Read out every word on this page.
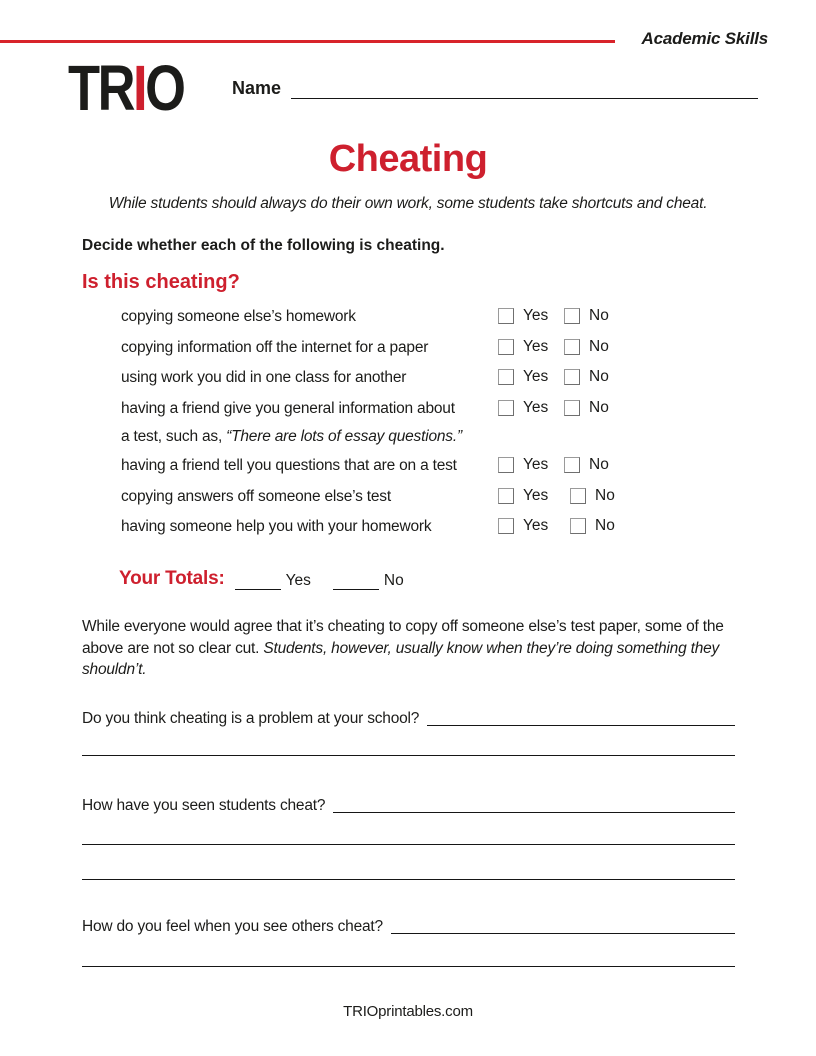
Academic Skills
TRIO	Name
Cheating
While students should always do their own work, some students take shortcuts and cheat.
Decide whether each of the following is cheating.
Is this cheating?
copying someone else’s homework	Yes	No
copying information off the internet for a paper	Yes	No
using work you did in one class for another	Yes	No
having a friend give you general information about	Yes	No
a test, such as, “There are lots of essay questions.”
having a friend tell you questions that are on a test	Yes	No
copying answers off someone else’s test	Yes	No
having someone help you with your homework	Yes	No
Your Totals:	Yes	No
While everyone would agree that it’s cheating to copy off someone else’s test paper, some of the above are not so clear cut. Students, however, usually know when they’re doing something they shouldn’t.
Do you think cheating is a problem at your school?
How have you seen students cheat?
How do you feel when you see others cheat?
TRIOprintables.com
